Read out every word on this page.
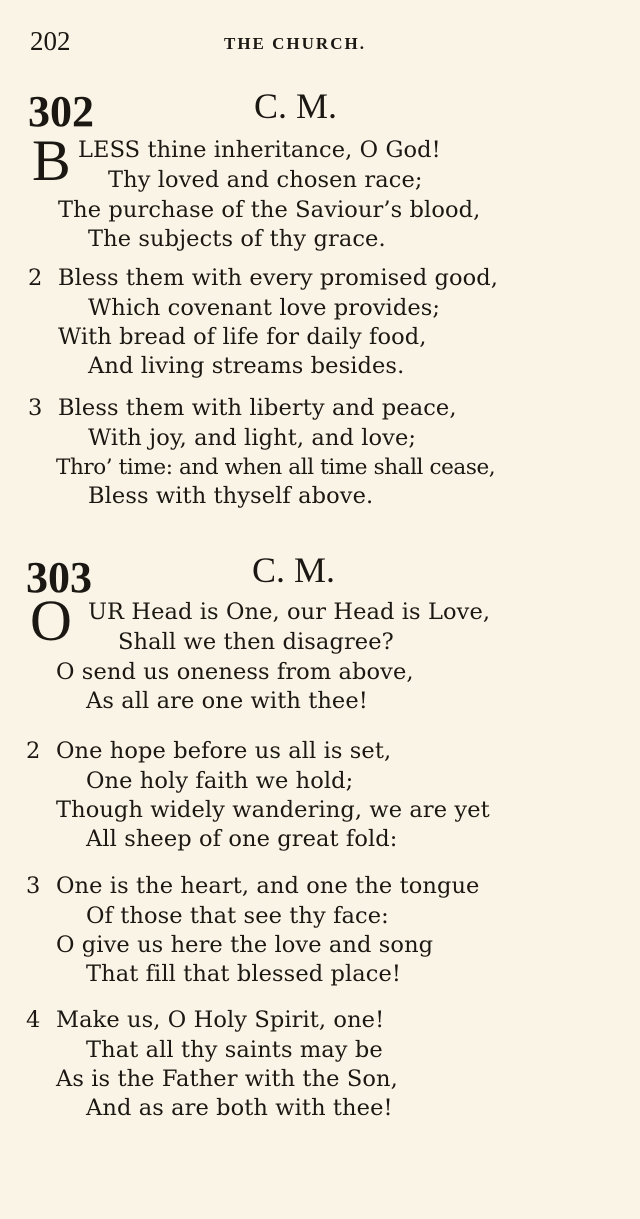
202	THE CHURCH.
302	C. M.
B LESS thine inheritance, O God!
Thy loved and chosen race;
The purchase of the Saviour’s blood,
The subjects of thy grace.
2 Bless them with every promised good,
Which covenant love provides;
With bread of life for daily food,
And living streams besides.
3 Bless them with liberty and peace,
With joy, and light, and love;
Thro’ time: and when all time shall cease,
Bless with thyself above.
303	C. M.
O UR Head is One, our Head is Love,
Shall we then disagree?
O send us oneness from above,
As all are one with thee!
2 One hope before us all is set,
One holy faith we hold;
Though widely wandering, we are yet
All sheep of one great fold:
3 One is the heart, and one the tongue
Of those that see thy face:
O give us here the love and song
That fill that blessed place!
4 Make us, O Holy Spirit, one!
That all thy saints may be
As is the Father with the Son,
And as are both with thee!
